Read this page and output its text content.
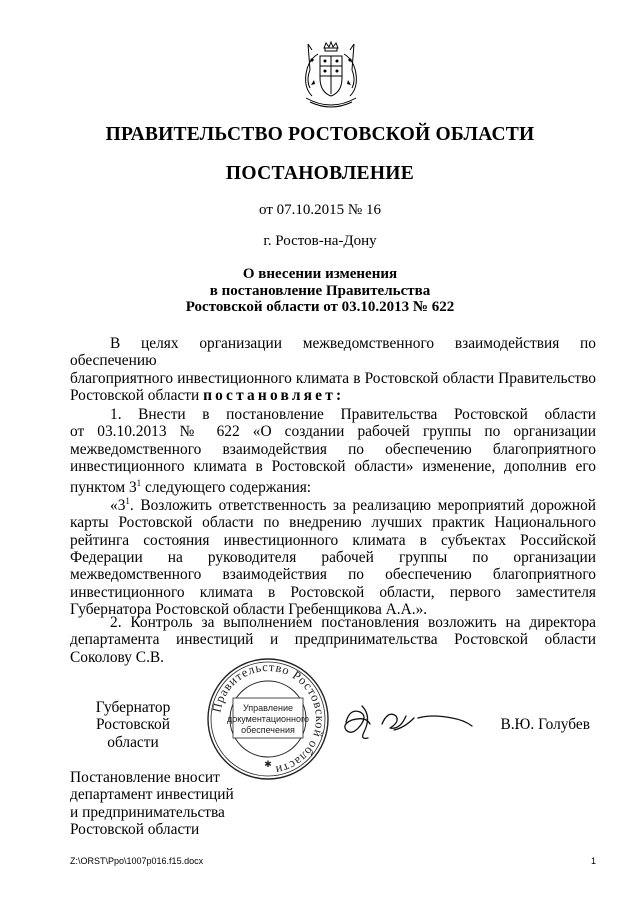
ПРАВИТЕЛЬСТВО РОСТОВСКОЙ ОБЛАСТИ
ПОСТАНОВЛЕНИЕ
от 07.10.2015 № 16
г. Ростов-на-Дону
О внесении изменения
в постановление Правительства
Ростовской области от 03.10.2013 № 622
В целях организации межведомственного взаимодействия по обеспечению
благоприятного инвестиционного климата в Ростовской области Правительство
Ростовской области постановляет:
1. Внести в постановление Правительства Ростовской области
от 03.10.2013 № 622 «О создании рабочей группы по организации
межведомственного взаимодействия по обеспечению благоприятного
инвестиционного климата в Ростовской области» изменение, дополнив его
пунктом $3^1$ следующего содержания:
«$3^1$. Возложить ответственность за реализацию мероприятий дорожной
карты Ростовской области по внедрению лучших практик Национального
рейтинга состояния инвестиционного климата в субъектах Российской
Федерации на руководителя рабочей группы по организации
межведомственного взаимодействия по обеспечению благоприятного
инвестиционного климата в Ростовской области, первого заместителя
Губернатора Ростовской области Гребенщикова А.А.».
2. Контроль за выполнением постановления возложить на директора
департамента инвестиций и предпринимательства Ростовской области
Соколову С.В.
Губернатор
Ростовской области
Правительство Ростовской области
Управление
документационного
обеспечения
✱
В.Ю. Голубев
Постановление вносит
департамент инвестиций
и предпринимательства
Ростовской области
Z:\ORST\Ppo\1007p016.f15.docx	1
